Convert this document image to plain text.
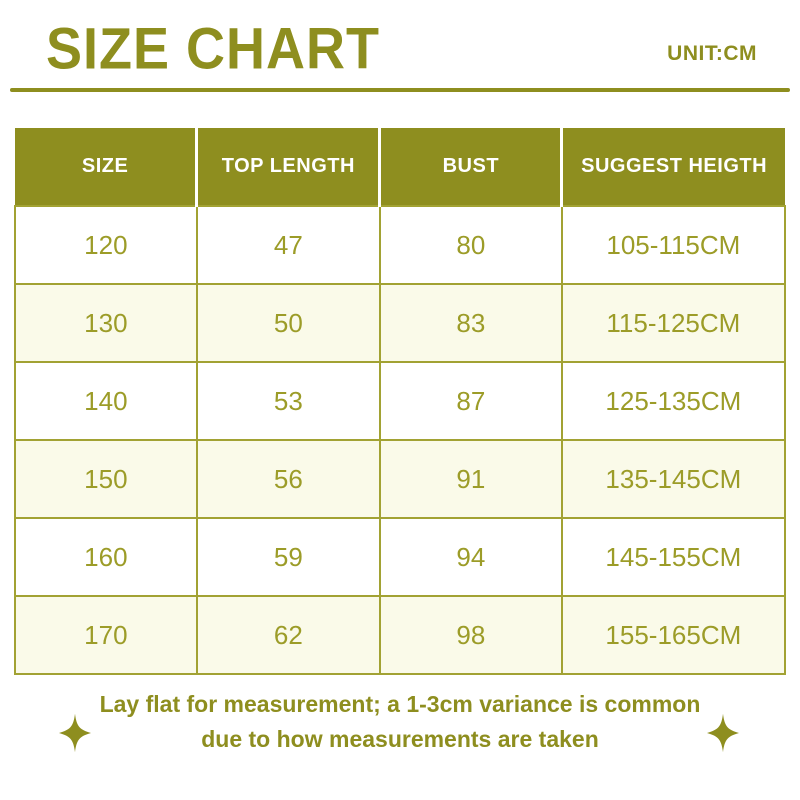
SIZE CHART	UNIT:CM
SIZE	TOP LENGTH	BUST	SUGGEST HEIGTH
120	47	80	105-115CM
130	50	83	115-125CM
140	53	87	125-135CM
150	56	91	135-145CM
160	59	94	145-155CM
170	62	98	155-165CM
Lay flat for measurement; a 1-3cm variance is common
due to how measurements are taken
